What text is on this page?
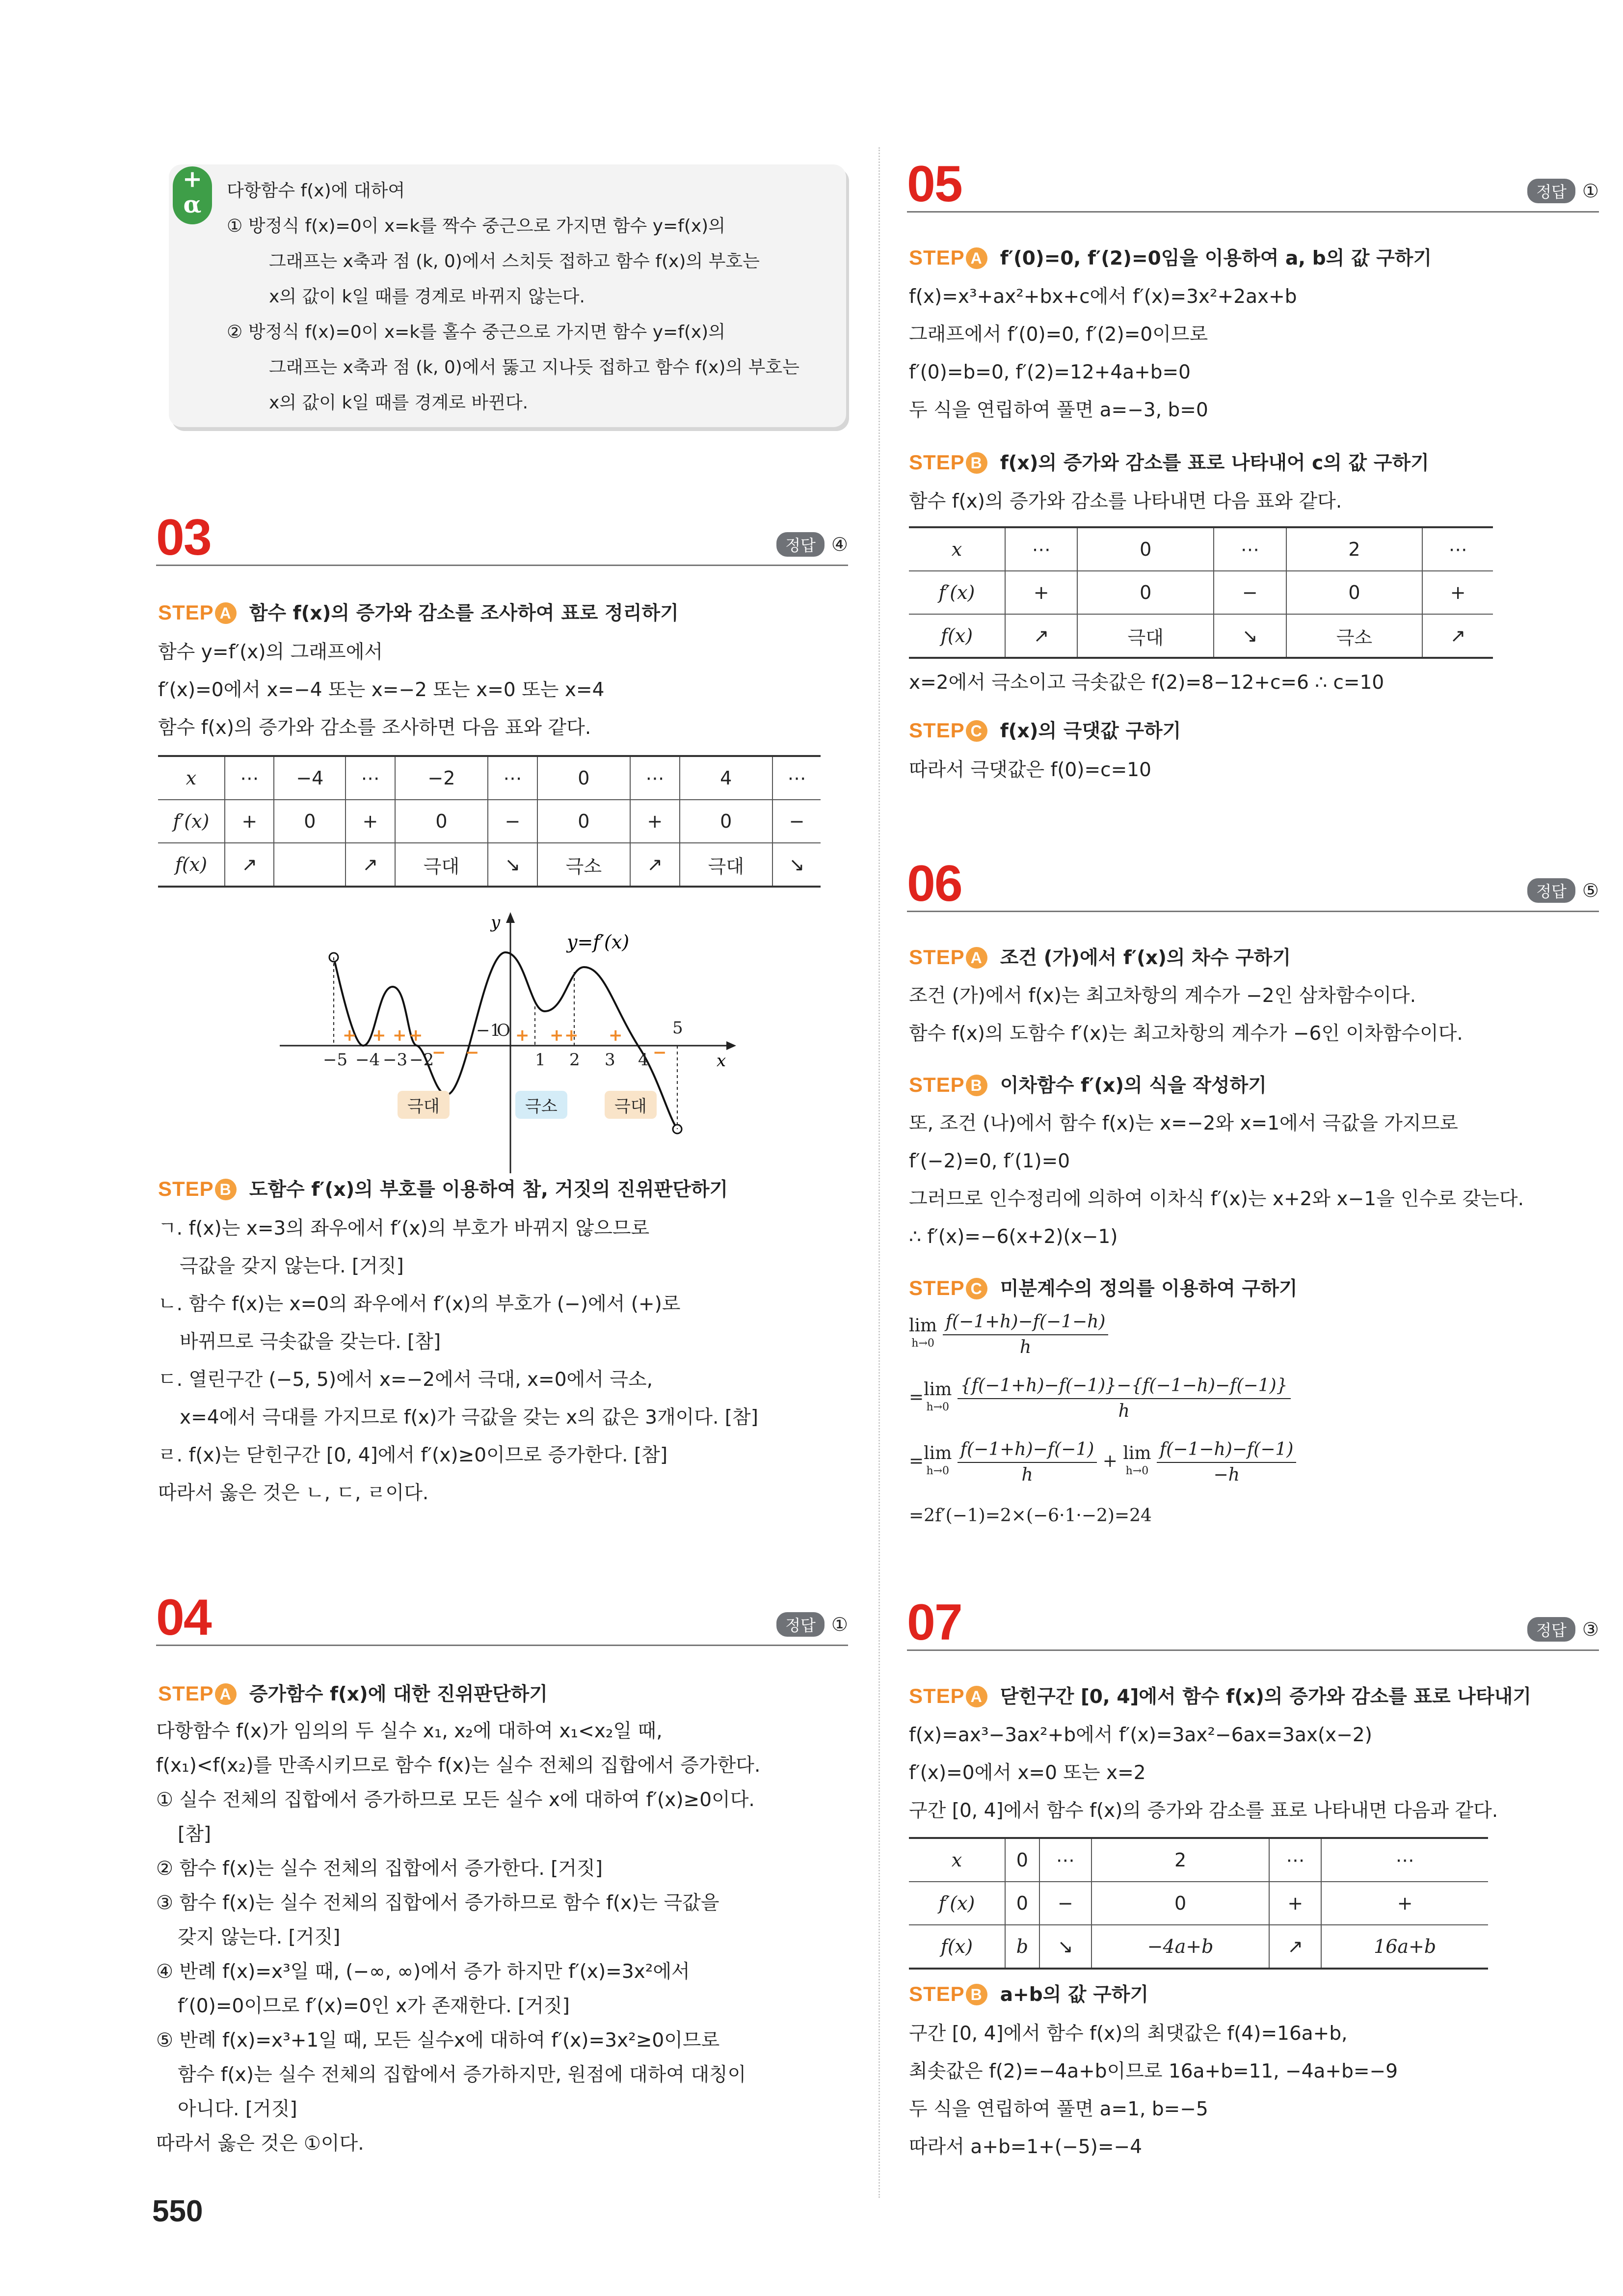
+
α
다항함수 f(x)에 대하여
① 방정식 f(x)=0이 x=k를 짝수 중근으로 가지면 함수 y=f(x)의
그래프는 x축과 점 (k, 0)에서 스치듯 접하고 함수 f(x)의 부호는
x의 값이 k일 때를 경계로 바뀌지 않는다.
② 방정식 f(x)=0이 x=k를 홀수 중근으로 가지면 함수 y=f(x)의
그래프는 x축과 점 (k, 0)에서 뚫고 지나듯 접하고 함수 f(x)의 부호는
x의 값이 k일 때를 경계로 바뀐다.
03	정답 ④
STEP A 함수 f(x)의 증가와 감소를 조사하여 표로 정리하기
함수 y=f′(x)의 그래프에서
f′(x)=0에서 x=−4 또는 x=−2 또는 x=0 또는 x=4
함수 f(x)의 증가와 감소를 조사하면 다음 표와 같다.
x	⋯	−4	⋯	−2	⋯	0	⋯	4	⋯
f′(x)	+	0	+	0	−	0	+	0	−
f(x)	↗		↗	극대	↘	극소	↗	극대	↘
+ + + +	+ + + +
− −	−
−5 −4 −3 −2
−1
O
1 2 3 4
5
y
x
y=f′(x)
극대	극소	극대
STEP B 도함수 f′(x)의 부호를 이용하여 참, 거짓의 진위판단하기
ㄱ. f(x)는 x=3의 좌우에서 f′(x)의 부호가 바뀌지 않으므로
극값을 갖지 않는다. [거짓]
ㄴ. 함수 f(x)는 x=0의 좌우에서 f′(x)의 부호가 (−)에서 (+)로
바뀌므로 극솟값을 갖는다. [참]
ㄷ. 열린구간 (−5, 5)에서 x=−2에서 극대, x=0에서 극소,
x=4에서 극대를 가지므로 f(x)가 극값을 갖는 x의 값은 3개이다. [참]
ㄹ. f(x)는 닫힌구간 [0, 4]에서 f′(x)≥0이므로 증가한다. [참]
따라서 옳은 것은 ㄴ, ㄷ, ㄹ이다.
04	정답 ①
STEP A 증가함수 f(x)에 대한 진위판단하기
다항함수 f(x)가 임의의 두 실수 x₁, x₂에 대하여 x₁<x₂일 때,
f(x₁)<f(x₂)를 만족시키므로 함수 f(x)는 실수 전체의 집합에서 증가한다.
① 실수 전체의 집합에서 증가하므로 모든 실수 x에 대하여 f′(x)≥0이다.
[참]
② 함수 f(x)는 실수 전체의 집합에서 증가한다. [거짓]
③ 함수 f(x)는 실수 전체의 집합에서 증가하므로 함수 f(x)는 극값을
갖지 않는다. [거짓]
④ 반례 f(x)=x³일 때, (−∞, ∞)에서 증가 하지만 f′(x)=3x²에서
f′(0)=0이므로 f′(x)=0인 x가 존재한다. [거짓]
⑤ 반례 f(x)=x³+1일 때, 모든 실수x에 대하여 f′(x)=3x²≥0이므로
함수 f(x)는 실수 전체의 집합에서 증가하지만, 원점에 대하여 대칭이
아니다. [거짓]
따라서 옳은 것은 ①이다.
550
05	정답 ①
STEP A f′(0)=0, f′(2)=0임을 이용하여 a, b의 값 구하기
f(x)=x³+ax²+bx+c에서 f′(x)=3x²+2ax+b
그래프에서 f′(0)=0, f′(2)=0이므로
f′(0)=b=0, f′(2)=12+4a+b=0
두 식을 연립하여 풀면 a=−3, b=0
STEP B f(x)의 증가와 감소를 표로 나타내어 c의 값 구하기
함수 f(x)의 증가와 감소를 나타내면 다음 표와 같다.
x	⋯	0	⋯	2	⋯
f′(x)	+	0	−	0	+
f(x)	↗	극대	↘	극소	↗
x=2에서 극소이고 극솟값은 f(2)=8−12+c=6 ∴ c=10
STEP C f(x)의 극댓값 구하기
따라서 극댓값은 f(0)=c=10
06	정답 ⑤
STEP A 조건 (가)에서 f′(x)의 차수 구하기
조건 (가)에서 f(x)는 최고차항의 계수가 −2인 삼차함수이다.
함수 f(x)의 도함수 f′(x)는 최고차항의 계수가 −6인 이차함수이다.
STEP B 이차함수 f′(x)의 식을 작성하기
또, 조건 (나)에서 함수 f(x)는 x=−2와 x=1에서 극값을 가지므로
f′(−2)=0, f′(1)=0
그러므로 인수정리에 의하여 이차식 f′(x)는 x+2와 x−1을 인수로 갖는다.
∴ f′(x)=−6(x+2)(x−1)
STEP C 미분계수의 정의를 이용하여 구하기
lim
h→0
$\frac{f(-1+h)-f(-1-h)}{h}$
=lim
h→0
$\frac{\{f(-1+h)-f(-1)\}-\{f(-1-h)-f(-1)\}}{h}$
=lim
h→0
$\frac{f(-1+h)-f(-1)}{h} + \lim$
h→0
$\frac{f(-1-h)-f(-1)}{-h}$
=2f′(−1)=2×(−6·1·−2)=24
07	정답 ③
STEP A 닫힌구간 [0, 4]에서 함수 f(x)의 증가와 감소를 표로 나타내기
f(x)=ax³−3ax²+b에서 f′(x)=3ax²−6ax=3ax(x−2)
f′(x)=0에서 x=0 또는 x=2
구간 [0, 4]에서 함수 f(x)의 증가와 감소를 표로 나타내면 다음과 같다.
x	0	⋯	2	⋯	⋯
f′(x)	0	−	0	+	+
f(x)	b	↘	−4a+b	↗	16a+b
STEP B a+b의 값 구하기
구간 [0, 4]에서 함수 f(x)의 최댓값은 f(4)=16a+b,
최솟값은 f(2)=−4a+b이므로 16a+b=11, −4a+b=−9
두 식을 연립하여 풀면 a=1, b=−5
따라서 a+b=1+(−5)=−4
